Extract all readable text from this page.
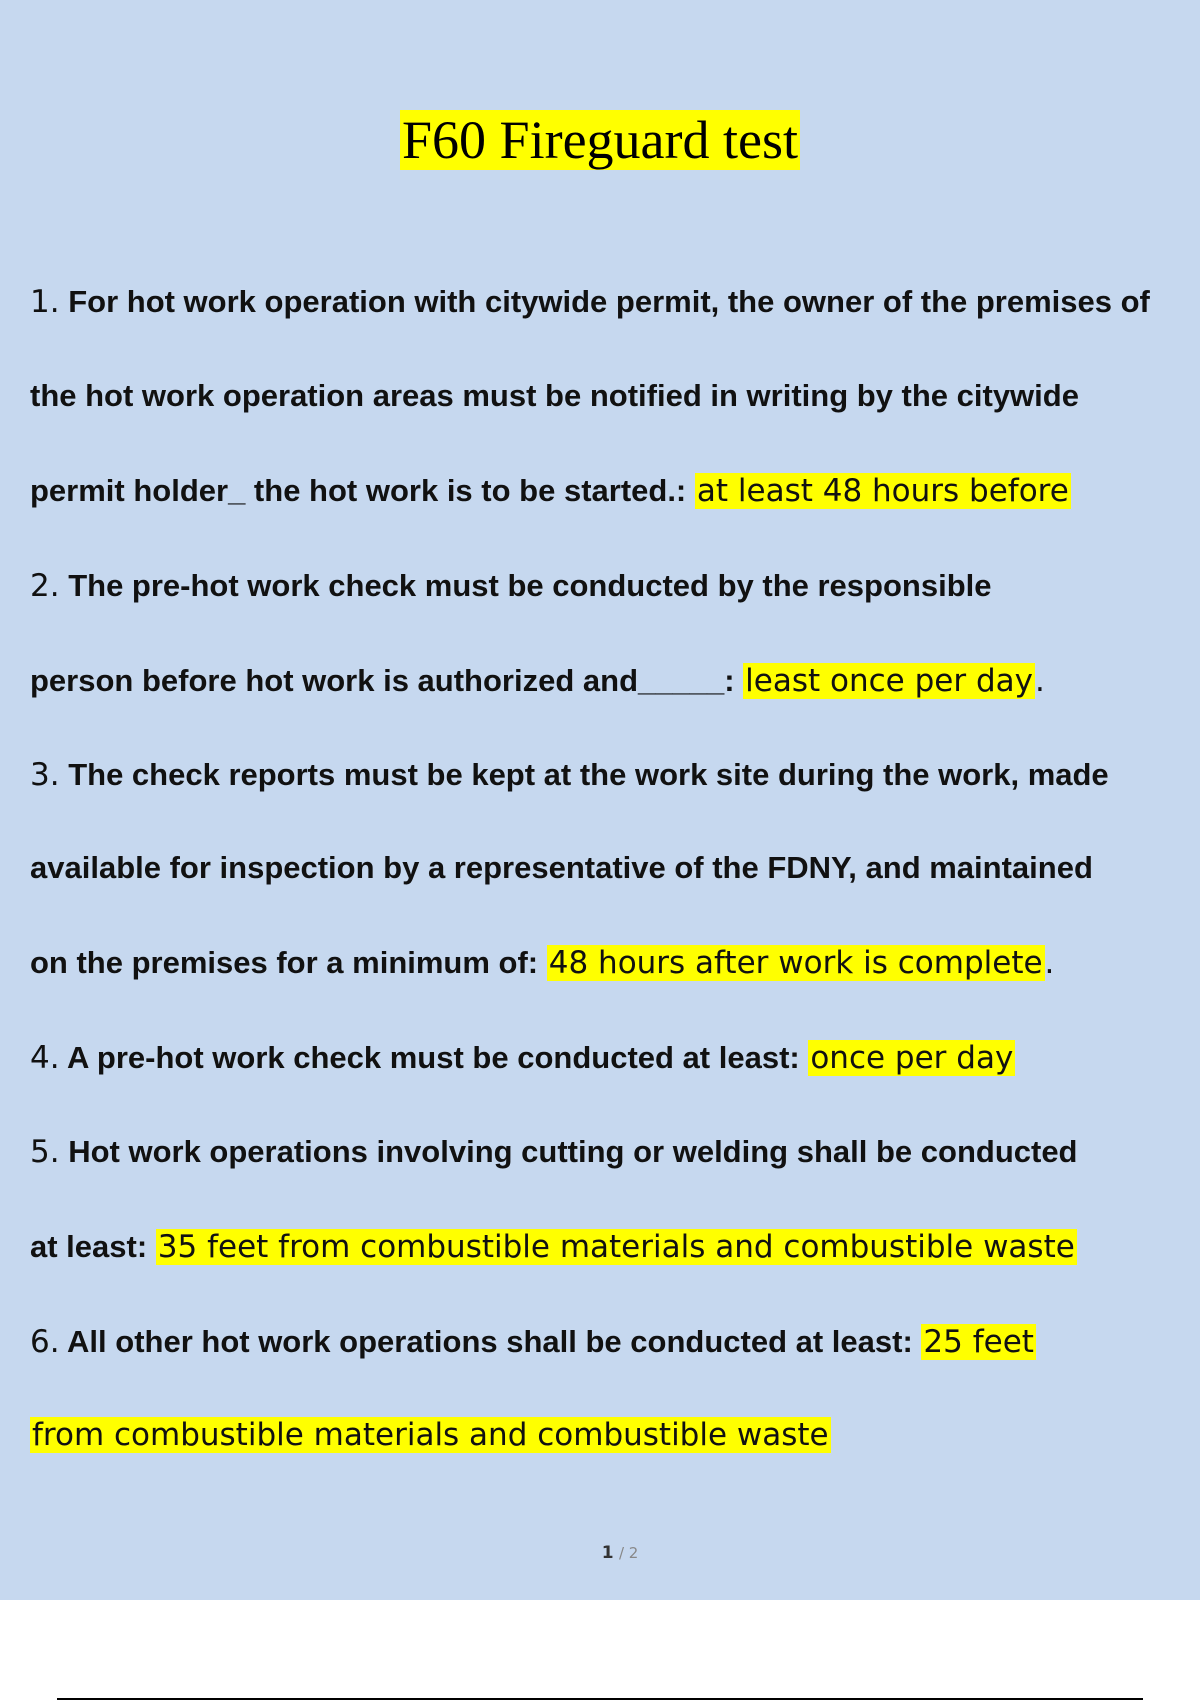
F60 Fireguard test
1. For hot work operation with citywide permit, the owner of the premises of
the hot work operation areas must be notified in writing by the citywide
permit holder_ the hot work is to be started.: at least 48 hours before
2. The pre-hot work check must be conducted by the responsible
person before hot work is authorized and_____: least once per day.
3. The check reports must be kept at the work site during the work, made
available for inspection by a representative of the FDNY, and maintained
on the premises for a minimum of: 48 hours after work is complete.
4. A pre-hot work check must be conducted at least: once per day
5. Hot work operations involving cutting or welding shall be conducted
at least: 35 feet from combustible materials and combustible waste
6. All other hot work operations shall be conducted at least: 25 feet
from combustible materials and combustible waste
1 / 2
